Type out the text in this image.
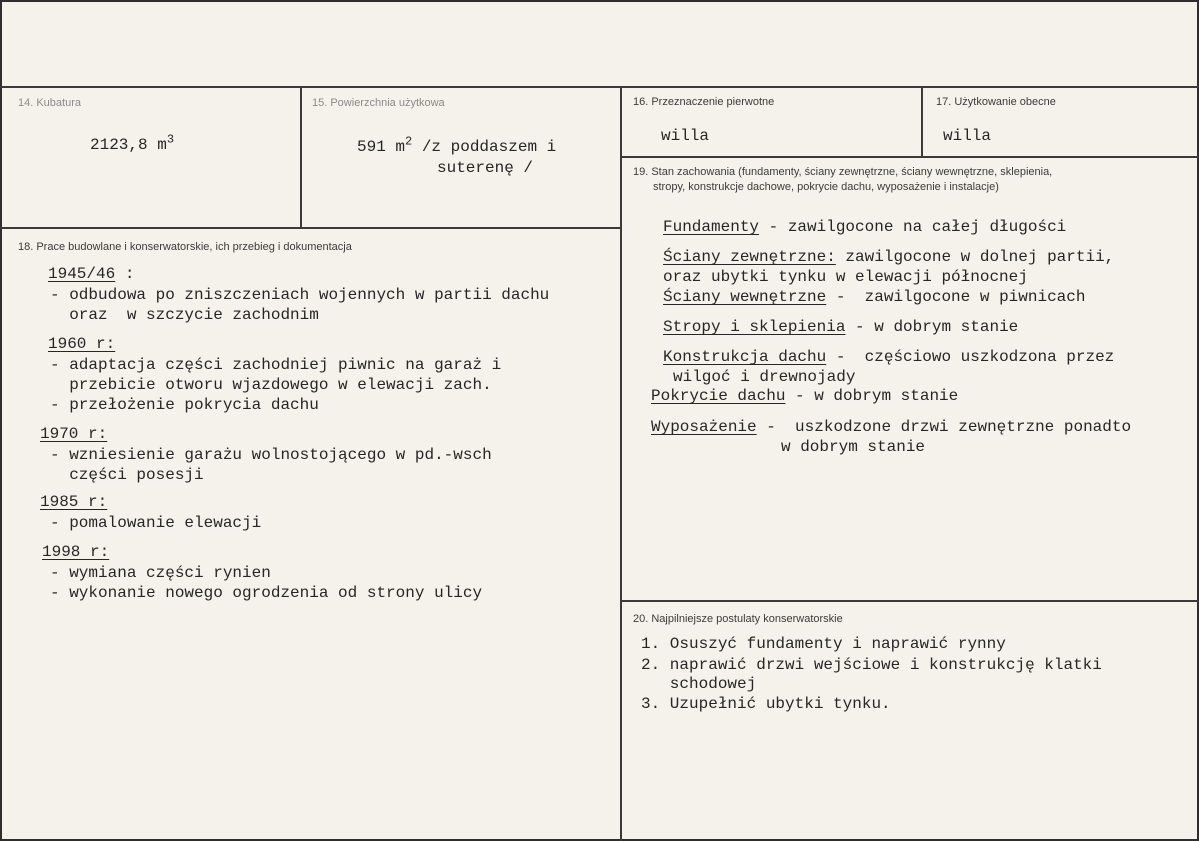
14. Kubatura
2123,8 $m^3$
15. Powierzchnia użytkowa
591 $m^2$ /z poddaszem i
suterenę /
16. Przeznaczenie pierwotne
willa
17. Użytkowanie obecne
willa
18. Prace budowlane i konserwatorskie, ich przebieg i dokumentacja
1945/46 :
- odbudowa po zniszczeniach wojennych w partii dachu
oraz  w szczycie zachodnim
1960 r:
- adaptacja części zachodniej piwnic na garaż i
przebicie otworu wjazdowego w elewacji zach.
- przełożenie pokrycia dachu
1970 r:
- wzniesienie garażu wolnostojącego w pd.-wsch
części posesji
1985 r:
- pomalowanie elewacji
1998 r:
- wymiana części rynien
- wykonanie nowego ogrodzenia od strony ulicy
19. Stan zachowania (fundamenty, ściany zewnętrzne, ściany wewnętrzne, sklepienia,
stropy, konstrukcje dachowe, pokrycie dachu, wyposażenie i instalacje)
Fundamenty - zawilgocone na całej długości
Ściany zewnętrzne: zawilgocone w dolnej partii,
oraz ubytki tynku w elewacji północnej
Ściany wewnętrzne -  zawilgocone w piwnicach
Stropy i sklepienia - w dobrym stanie
Konstrukcja dachu -  częściowo uszkodzona przez
wilgoć i drewnojady
Pokrycie dachu - w dobrym stanie
Wyposażenie -  uszkodzone drzwi zewnętrzne ponadto
w dobrym stanie
20. Najpilniejsze postulaty konserwatorskie
1. Osuszyć fundamenty i naprawić rynny
2. naprawić drzwi wejściowe i konstrukcję klatki
schodowej
3. Uzupełnić ubytki tynku.
